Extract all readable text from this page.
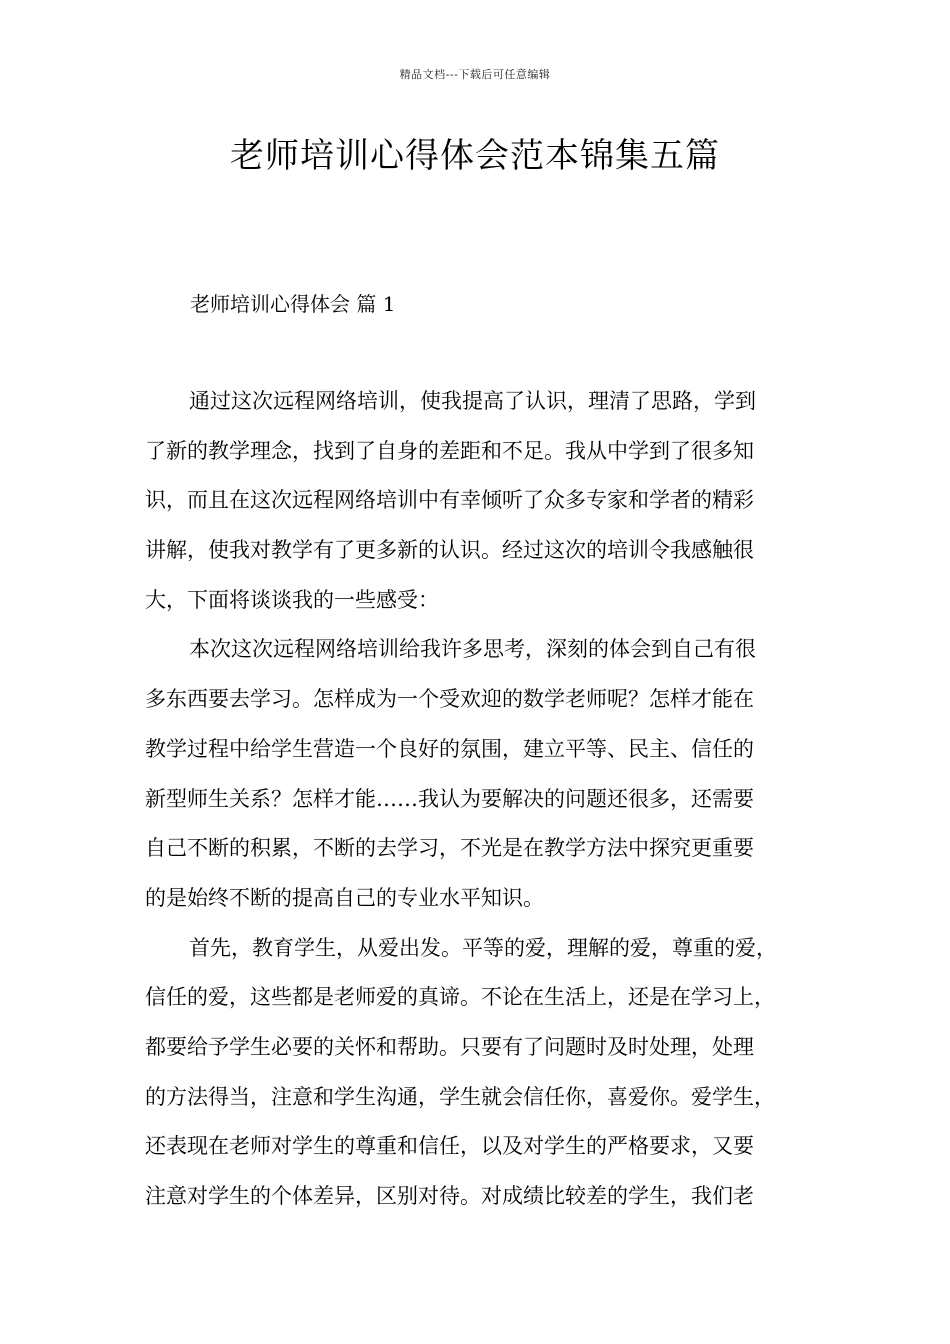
精品文档---下载后可任意编辑
老师培训心得体会范本锦集五篇
老师培训心得体会 篇 1
通过这次远程网络培训，使我提高了认识，理清了思路，学到
了新的教学理念，找到了自身的差距和不足。我从中学到了很多知
识，而且在这次远程网络培训中有幸倾听了众多专家和学者的精彩
讲解，使我对教学有了更多新的认识。经过这次的培训令我感触很
大，下面将谈谈我的一些感受：
本次这次远程网络培训给我许多思考，深刻的体会到自己有很
多东西要去学习。怎样成为一个受欢迎的数学老师呢？怎样才能在
教学过程中给学生营造一个良好的氛围，建立平等、民主、信任的
新型师生关系？怎样才能……我认为要解决的问题还很多，还需要
自己不断的积累，不断的去学习，不光是在教学方法中探究更重要
的是始终不断的提高自己的专业水平知识。
首先，教育学生，从爱出发。平等的爱，理解的爱，尊重的爱，
信任的爱，这些都是老师爱的真谛。不论在生活上，还是在学习上，
都要给予学生必要的关怀和帮助。只要有了问题时及时处理，处理
的方法得当，注意和学生沟通，学生就会信任你，喜爱你。爱学生，
还表现在老师对学生的尊重和信任，以及对学生的严格要求，又要
注意对学生的个体差异，区别对待。对成绩比较差的学生，我们老
